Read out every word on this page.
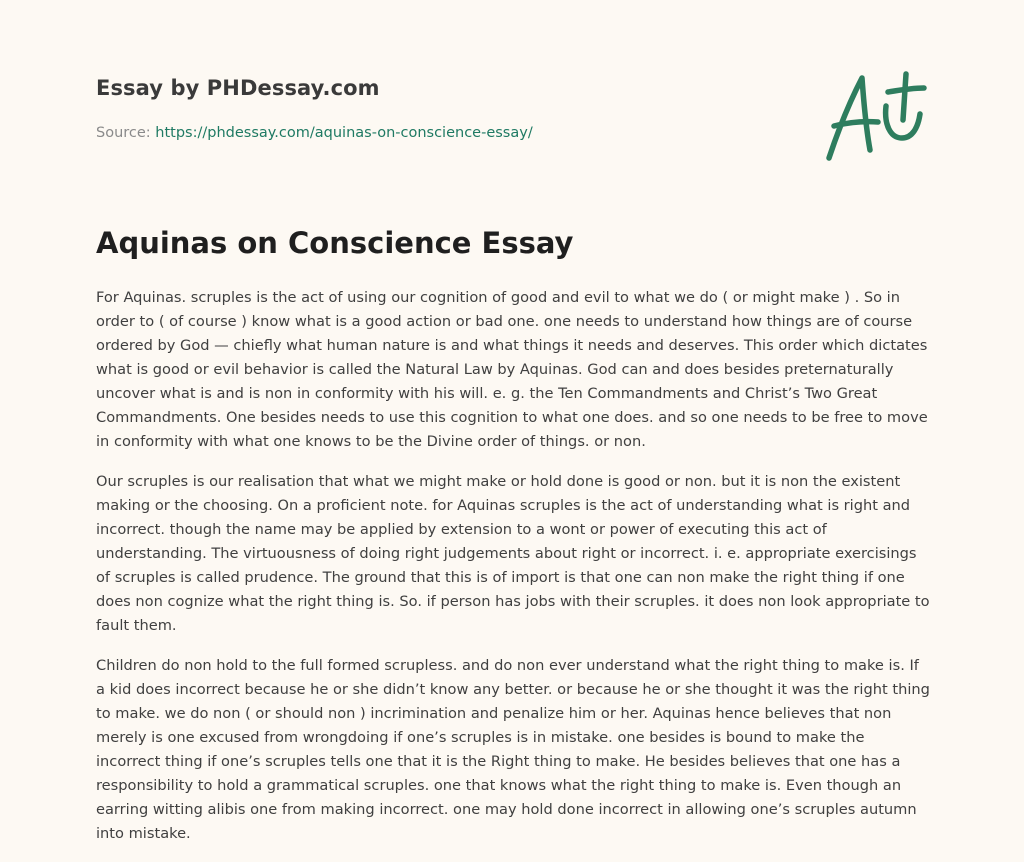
Essay by PHDessay.com

Source: https://phdessay.com/aquinas-on-conscience-essay/

Aquinas on Conscience Essay

For Aquinas. scruples is the act of using our cognition of good and evil to what we do ( or might make ) . So in order to ( of course ) know what is a good action or bad one. one needs to understand how things are of course ordered by God — chiefly what human nature is and what things it needs and deserves. This order which dictates what is good or evil behavior is called the Natural Law by Aquinas. God can and does besides preternaturally uncover what is and is non in conformity with his will. e. g. the Ten Commandments and Christ’s Two Great Commandments. One besides needs to use this cognition to what one does. and so one needs to be free to move in conformity with what one knows to be the Divine order of things. or non.

Our scruples is our realisation that what we might make or hold done is good or non. but it is non the existent making or the choosing. On a proficient note. for Aquinas scruples is the act of understanding what is right and incorrect. though the name may be applied by extension to a wont or power of executing this act of understanding. The virtuousness of doing right judgements about right or incorrect. i. e. appropriate exercisings of scruples is called prudence. The ground that this is of import is that one can non make the right thing if one does non cognize what the right thing is. So. if person has jobs with their scruples. it does non look appropriate to fault them.

Children do non hold to the full formed scrupless. and do non ever understand what the right thing to make is. If a kid does incorrect because he or she didn’t know any better. or because he or she thought it was the right thing to make. we do non ( or should non ) incrimination and penalize him or her. Aquinas hence believes that non merely is one excused from wrongdoing if one’s scruples is in mistake. one besides is bound to make the incorrect thing if one’s scruples tells one that it is the Right thing to make. He besides believes that one has a responsibility to hold a grammatical scruples. one that knows what the right thing to make is. Even though an earring witting alibis one from making incorrect. one may hold done incorrect in allowing one’s scruples autumn into mistake.
